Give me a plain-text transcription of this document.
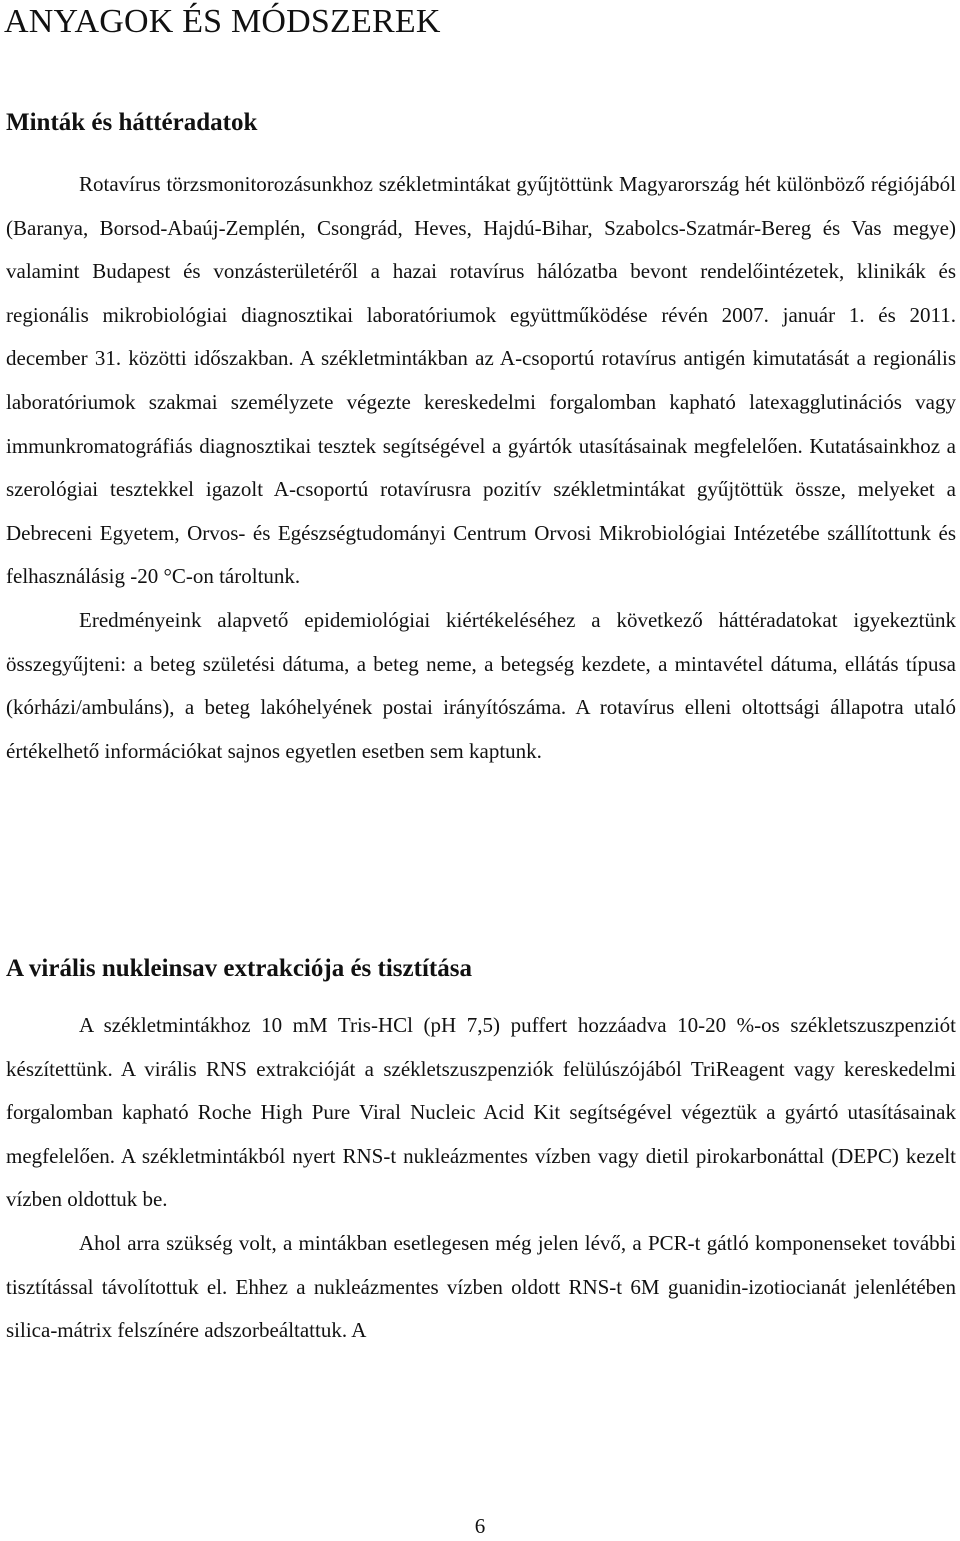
ANYAGOK ÉS MÓDSZEREK
Minták és háttéradatok

Rotavírus törzsmonitorozásunkhoz székletmintákat gyűjtöttünk Magyarország hét különböző régiójából (Baranya, Borsod-Abaúj-Zemplén, Csongrád, Heves, Hajdú-Bihar, Szabolcs-Szatmár-Bereg és Vas megye) valamint Budapest és vonzásterületéről a hazai rotavírus hálózatba bevont rendelőintézetek, klinikák és regionális mikrobiológiai diagnosztikai laboratóriumok együttműködése révén 2007. január 1. és 2011. december 31. közötti időszakban. A székletmintákban az A-csoportú rotavírus antigén kimutatását a regionális laboratóriumok szakmai személyzete végezte kereskedelmi forgalomban kapható latexagglutinációs vagy immunkromatográfiás diagnosztikai tesztek segítségével a gyártók utasításainak megfelelően. Kutatásainkhoz a szerológiai tesztekkel igazolt A-csoportú rotavírusra pozitív székletmintákat gyűjtöttük össze, melyeket a Debreceni Egyetem, Orvos- és Egészségtudományi Centrum Orvosi Mikrobiológiai Intézetébe szállítottunk és felhasználásig -20 °C-on tároltunk.

Eredményeink alapvető epidemiológiai kiértékeléséhez a következő háttéradatokat igyekeztünk összegyűjteni: a beteg születési dátuma, a beteg neme, a betegség kezdete, a mintavétel dátuma, ellátás típusa (kórházi/ambuláns), a beteg lakóhelyének postai irányítószáma. A rotavírus elleni oltottsági állapotra utaló értékelhető információkat sajnos egyetlen esetben sem kaptunk.

A virális nukleinsav extrakciója és tisztítása

A székletmintákhoz 10 mM Tris-HCl (pH 7,5) puffert hozzáadva 10-20 %-os székletszuszpenziót készítettünk. A virális RNS extrakcióját a székletszuszpenziók felülúszójából TriReagent vagy kereskedelmi forgalomban kapható Roche High Pure Viral Nucleic Acid Kit segítségével végeztük a gyártó utasításainak megfelelően. A székletmintákból nyert RNS-t nukleázmentes vízben vagy dietil pirokarbonáttal (DEPC) kezelt vízben oldottuk be.

Ahol arra szükség volt, a mintákban esetlegesen még jelen lévő, a PCR-t gátló komponenseket további tisztítással távolítottuk el. Ehhez a nukleázmentes vízben oldott RNS-t 6M guanidin-izotiocianát jelenlétében silica-mátrix felszínére adszorbeáltattuk. A

6
